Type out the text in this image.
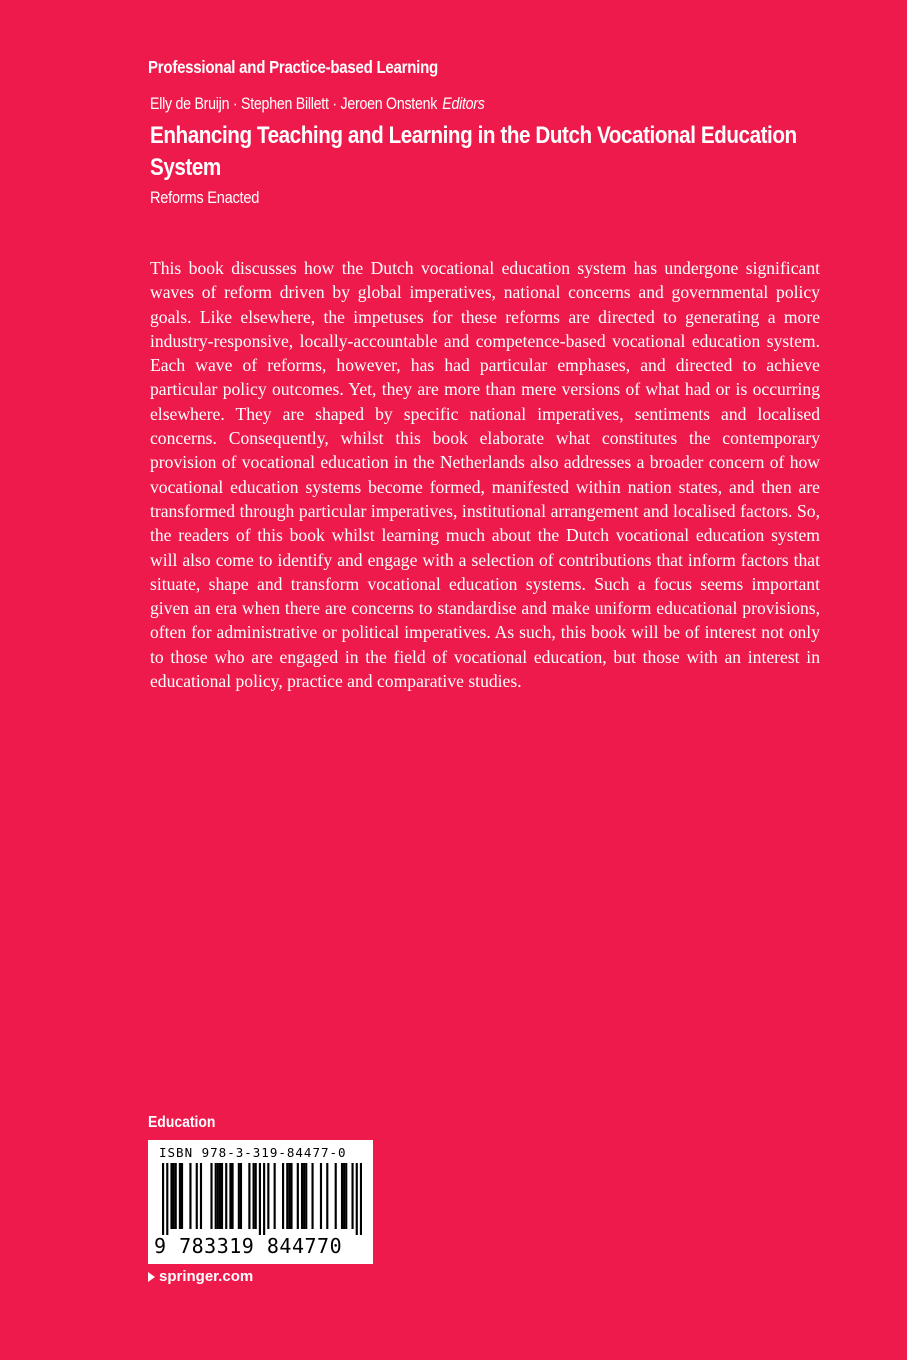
Professional and Practice-based Learning
Elly de Bruijn · Stephen Billett · Jeroen Onstenk Editors
Enhancing Teaching and Learning in the Dutch Vocational Education System
Reforms Enacted

This book discusses how the Dutch vocational education system has undergone significant waves of reform driven by global imperatives, national concerns and governmental policy goals. Like elsewhere, the impetuses for these reforms are directed to generating a more industry-responsive, locally-accountable and competence-based vocational education system. Each wave of reforms, however, has had particular emphases, and directed to achieve particular policy outcomes. Yet, they are more than mere versions of what had or is occurring elsewhere. They are shaped by specific national imperatives, sentiments and localised concerns. Consequently, whilst this book elaborate what constitutes the contemporary provision of vocational education in the Netherlands also addresses a broader concern of how vocational education systems become formed, manifested within nation states, and then are transformed through particular imperatives, institutional arrangement and localised factors. So, the readers of this book whilst learning much about the Dutch vocational education system will also come to identify and engage with a selection of contributions that inform factors that situate, shape and transform vocational education systems. Such a focus seems important given an era when there are concerns to standardise and make uniform educational provisions, often for administrative or political imperatives. As such, this book will be of interest not only to those who are engaged in the field of vocational education, but those with an interest in educational policy, practice and comparative studies.

Education
ISBN 978-3-319-84477-0
9 783319 844770
springer.com
